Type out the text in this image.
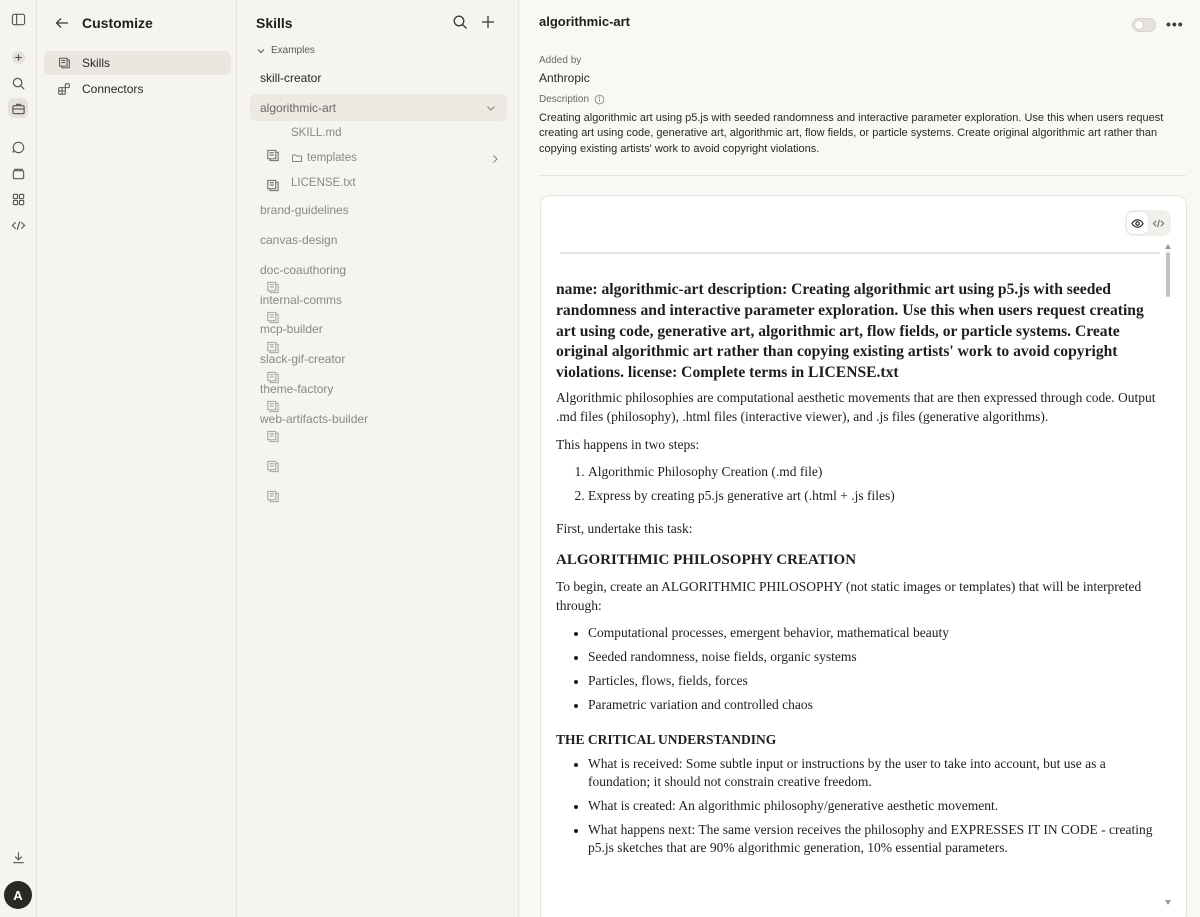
A
Customize
Skills
Connectors
Skills
Examples
skill-creator
algorithmic-art
SKILL.md
templates
LICENSE.txt
brand-guidelines
canvas-design
doc-coauthoring
internal-comms
mcp-builder
slack-gif-creator
theme-factory
web-artifacts-builder
algorithmic-art	•••
Added by
Anthropic
Description
Creating algorithmic art using p5.js with seeded randomness and interactive parameter exploration. Use this when users request creating art using code, generative art, algorithmic art, flow fields, or particle systems. Create original algorithmic art rather than copying existing artists' work to avoid copyright violations.
name: algorithmic-art description: Creating algorithmic art using p5.js with seeded randomness and interactive parameter exploration. Use this when users request creating art using code, generative art, algorithmic art, flow fields, or particle systems. Create original algorithmic art rather than copying existing artists' work to avoid copyright violations. license: Complete terms in LICENSE.txt

Algorithmic philosophies are computational aesthetic movements that are then expressed through code. Output .md files (philosophy), .html files (interactive viewer), and .js files (generative algorithms).

This happens in two steps:

1. Algorithmic Philosophy Creation (.md file)
2. Express by creating p5.js generative art (.html + .js files)

First, undertake this task:

ALGORITHMIC PHILOSOPHY CREATION

To begin, create an ALGORITHMIC PHILOSOPHY (not static images or templates) that will be interpreted through:

• Computational processes, emergent behavior, mathematical beauty
• Seeded randomness, noise fields, organic systems
• Particles, flows, fields, forces
• Parametric variation and controlled chaos
THE CRITICAL UNDERSTANDING
• What is received: Some subtle input or instructions by the user to take into account, but use as a foundation; it should not constrain creative freedom.
• What is created: An algorithmic philosophy/generative aesthetic movement.
• What happens next: The same version receives the philosophy and EXPRESSES IT IN CODE - creating p5.js sketches that are 90% algorithmic generation, 10% essential parameters.
